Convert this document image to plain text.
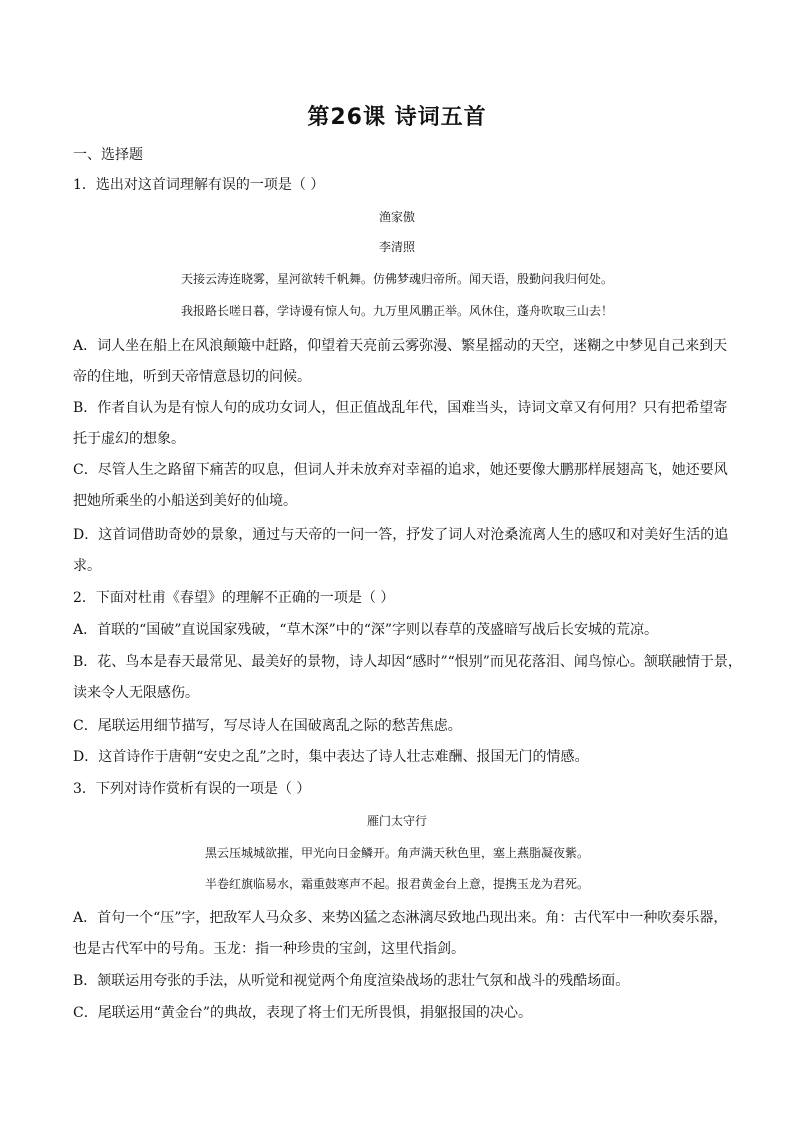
第26课 诗词五首
一、选择题
1．选出对这首词理解有误的一项是（ ）
渔家傲
李清照
天接云涛连晓雾，星河欲转千帆舞。仿佛梦魂归帝所。闻天语，殷勤问我归何处。
我报路长嗟日暮，学诗谩有惊人句。九万里风鹏正举。风休住，蓬舟吹取三山去！
A．词人坐在船上在风浪颠簸中赶路，仰望着天亮前云雾弥漫、繁星摇动的天空，迷糊之中梦见自己来到天
帝的住地，听到天帝情意恳切的问候。
B．作者自认为是有惊人句的成功女词人，但正值战乱年代，国难当头，诗词文章又有何用？只有把希望寄
托于虚幻的想象。
C．尽管人生之路留下痛苦的叹息，但词人并未放弃对幸福的追求，她还要像大鹏那样展翅高飞，她还要风
把她所乘坐的小船送到美好的仙境。
D．这首词借助奇妙的景象，通过与天帝的一问一答，抒发了词人对沧桑流离人生的感叹和对美好生活的追
求。
2．下面对杜甫《春望》的理解不正确的一项是（ ）
A．首联的“国破”直说国家残破，“草木深”中的“深”字则以春草的茂盛暗写战后长安城的荒凉。
B．花、鸟本是春天最常见、最美好的景物，诗人却因“感时”“恨别”而见花落泪、闻鸟惊心。颔联融情于景，
读来令人无限感伤。
C．尾联运用细节描写，写尽诗人在国破离乱之际的愁苦焦虑。
D．这首诗作于唐朝“安史之乱”之时，集中表达了诗人壮志难酬、报国无门的情感。
3．下列对诗作赏析有误的一项是（ ）
雁门太守行
黑云压城城欲摧，甲光向日金鳞开。角声满天秋色里，塞上燕脂凝夜紫。
半卷红旗临易水，霜重鼓寒声不起。报君黄金台上意，提携玉龙为君死。
A．首句一个“压”字，把敌军人马众多、来势凶猛之态淋漓尽致地凸现出来。角：古代军中一种吹奏乐器，
也是古代军中的号角。玉龙：指一种珍贵的宝剑，这里代指剑。
B．颔联运用夸张的手法，从听觉和视觉两个角度渲染战场的悲壮气氛和战斗的残酷场面。
C．尾联运用“黄金台”的典故，表现了将士们无所畏惧，捐躯报国的决心。
